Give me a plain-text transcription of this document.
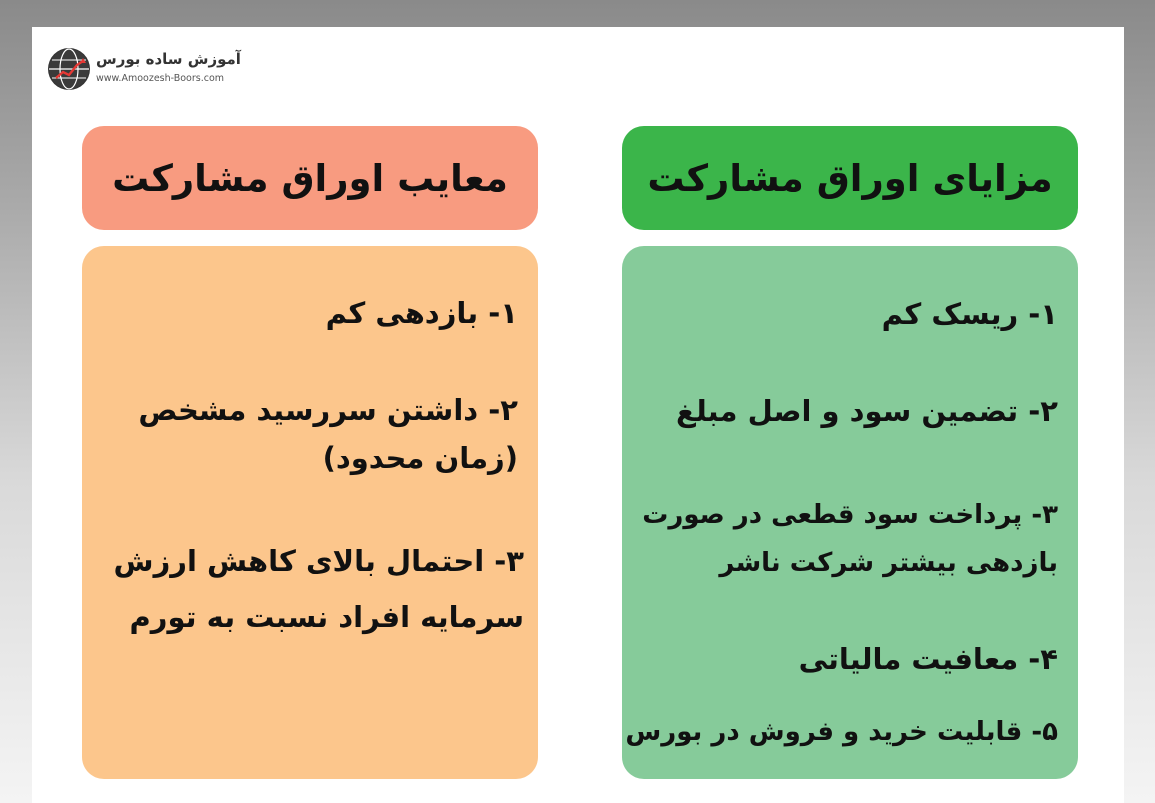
آموزش ساده بورس
www.Amoozesh-Boors.com
معایب اوراق مشارکت	مزایای اوراق مشارکت
۱- بازدهی کم
۲- داشتن سررسید مشخص
(زمان محدود)
۳- احتمال بالای کاهش ارزش
سرمایه افراد نسبت به تورم
۱- ریسک کم
۲- تضمین سود و اصل مبلغ
۳- پرداخت سود قطعی در صورت
بازدهی بیشتر شرکت ناشر
۴- معافیت مالیاتی
۵- قابلیت خرید و فروش در بورس
